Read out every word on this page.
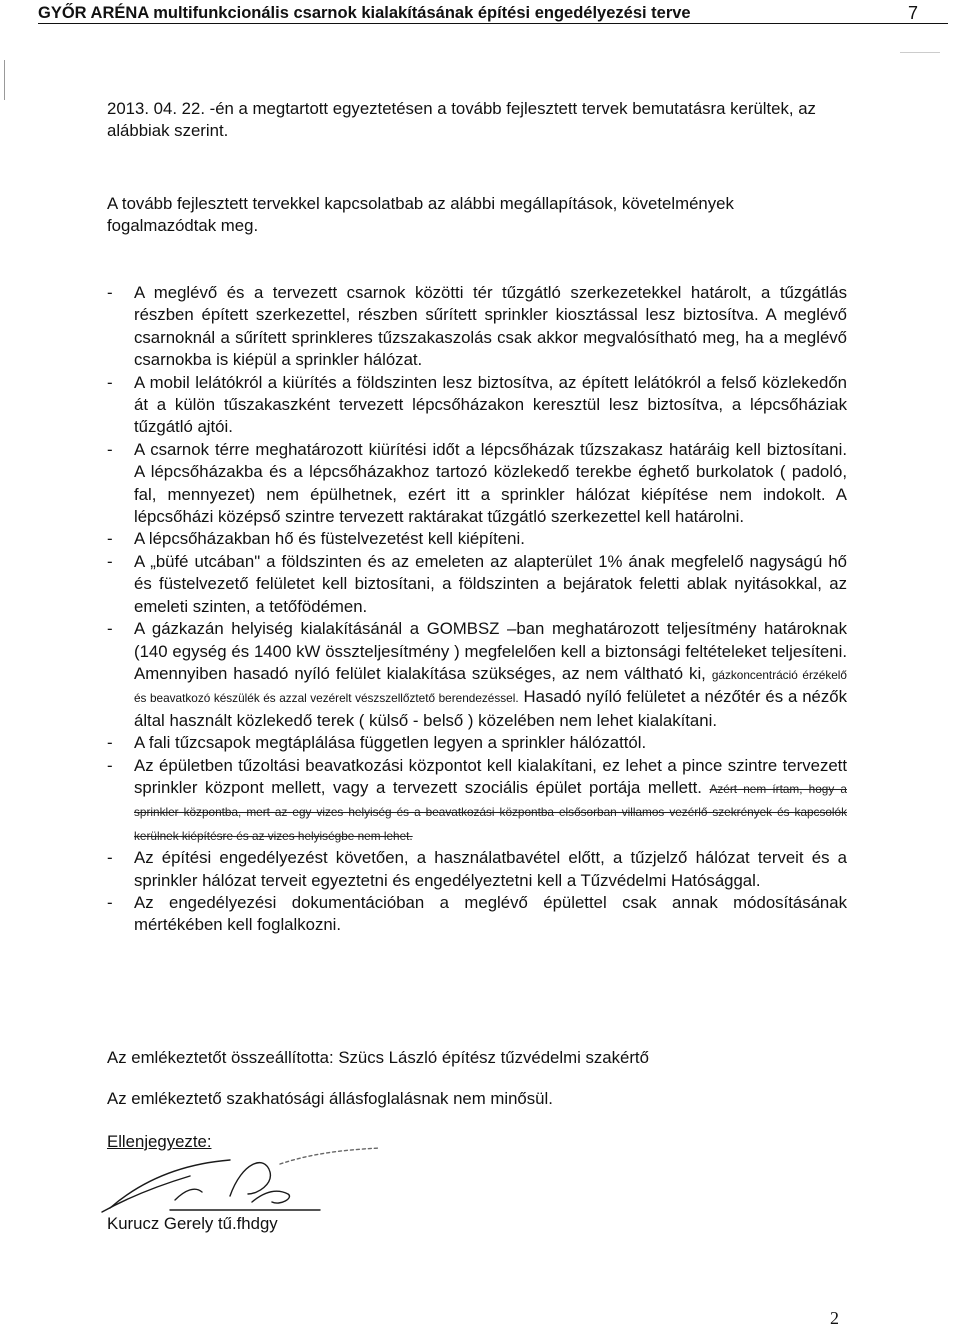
GYŐR ARÉNA multifunkcionális csarnok kialakításának építési engedélyezési terve	7
2013. 04. 22. -én a megtartott egyeztetésen a tovább fejlesztett tervek bemutatásra kerültek, az alábbiak szerint.
A tovább fejlesztett tervekkel kapcsolatbab az alábbi megállapítások, követelmények fogalmazódtak meg.
- A meglévő és a tervezett csarnok közötti tér tűzgátló szerkezetekkel határolt, a tűzgátlás részben épített szerkezettel, részben sűrített sprinkler kiosztással lesz biztosítva. A meglévő csarnoknál a sűrített sprinkleres tűzszakaszolás csak akkor megvalósítható meg, ha a meglévő csarnokba is kiépül a sprinkler hálózat.
- A mobil lelátókról a kiürítés a földszinten lesz biztosítva, az épített lelátókról a felső közlekedőn át a külön tűszakaszként tervezett lépcsőházakon keresztül lesz biztosítva, a lépcsőháziak tűzgátló ajtói.
- A csarnok térre meghatározott kiürítési időt a lépcsőházak tűzszakasz határáig kell biztosítani. A lépcsőházakba és a lépcsőházakhoz tartozó közlekedő terekbe éghető burkolatok ( padoló, fal, mennyezet) nem épülhetnek, ezért itt a sprinkler hálózat kiépítése nem indokolt. A lépcsőházi középső szintre tervezett raktárakat tűzgátló szerkezettel kell határolni.
- A lépcsőházakban hő és füstelvezetést kell kiépíteni.
- A „büfé utcában" a földszinten és az emeleten az alapterület 1% ának megfelelő nagyságú hő és füstelvezető felületet kell biztosítani, a földszinten a bejáratok feletti ablak nyitásokkal, az emeleti szinten, a tetőfödémen.
- A gázkazán helyiség kialakításánál a GOMBSZ –ban meghatározott teljesítmény határoknak (140 egység és 1400 kW összteljesítmény ) megfelelően kell a biztonsági feltételeket teljesíteni. Amennyiben hasadó nyíló felület kialakítása szükséges, az nem váltható ki, gázkoncentráció érzékelő és beavatkozó készülék és azzal vezérelt vészszellőztető berendezéssel. Hasadó nyíló felületet a nézőtér és a nézők által használt közlekedő terek ( külső - belső ) közelében nem lehet kialakítani.
- A fali tűzcsapok megtáplálása független legyen a sprinkler hálózattól.
- Az épületben tűzoltási beavatkozási központot kell kialakítani, ez lehet a pince szintre tervezett sprinkler központ mellett, vagy a tervezett szociális épület portája mellett. Azért nem írtam, hogy a sprinkler központba, mert az egy vizes helyiség és a beavatkozási központba elsősorban villamos vezérlő szekrények és kapcsolók kerülnek kiépítésre és az vizes helyiségbe nem lehet.
- Az építési engedélyezést követően, a használatbavétel előtt, a tűzjelző hálózat terveit és a sprinkler hálózat terveit egyeztetni és engedélyeztetni kell a Tűzvédelmi Hatósággal.
- Az engedélyezési dokumentációban a meglévő épülettel csak annak módosításának mértékében kell foglalkozni.
Az emlékeztetőt összeállította: Szücs László építész tűzvédelmi szakértő
Az emlékeztető szakhatósági állásfoglalásnak nem minősül.
Ellenjegyezte:
Kurucz Gerely tű.fhdgy
2
